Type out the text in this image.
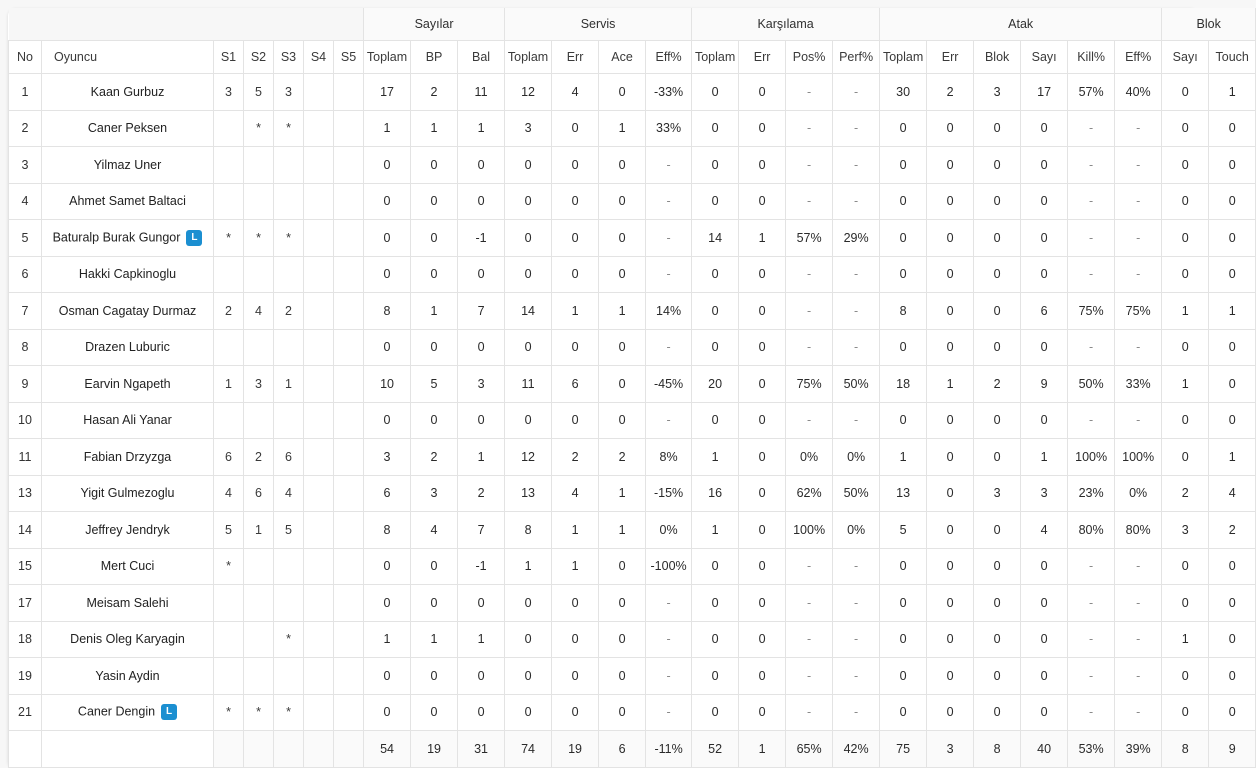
							Sayılar			Servis				Karşılama				Atak						Blok	
No	Oyuncu	S1	S2	S3	S4	S5	Toplam	BP	Bal	Toplam	Err	Ace	Eff%	Toplam	Err	Pos%	Perf%	Toplam	Err	Blok	Sayı	Kill%	Eff%	Sayı	Touch
1	Kaan Gurbuz	3	5	3			17	2	11	12	4	0	-33%	0	0	-	-	30	2	3	17	57%	40%	0	1
2	Caner Peksen		*	*			1	1	1	3	0	1	33%	0	0	-	-	0	0	0	0	-	-	0	0
3	Yilmaz Uner						0	0	0	0	0	0	-	0	0	-	-	0	0	0	0	-	-	0	0
4	Ahmet Samet Baltaci						0	0	0	0	0	0	-	0	0	-	-	0	0	0	0	-	-	0	0
5	Baturalp Burak Gungor L	*	*	*			0	0	-1	0	0	0	-	14	1	57%	29%	0	0	0	0	-	-	0	0
6	Hakki Capkinoglu						0	0	0	0	0	0	-	0	0	-	-	0	0	0	0	-	-	0	0
7	Osman Cagatay Durmaz	2	4	2			8	1	7	14	1	1	14%	0	0	-	-	8	0	0	6	75%	75%	1	1
8	Drazen Luburic						0	0	0	0	0	0	-	0	0	-	-	0	0	0	0	-	-	0	0
9	Earvin Ngapeth	1	3	1			10	5	3	11	6	0	-45%	20	0	75%	50%	18	1	2	9	50%	33%	1	0
10	Hasan Ali Yanar						0	0	0	0	0	0	-	0	0	-	-	0	0	0	0	-	-	0	0
11	Fabian Drzyzga	6	2	6			3	2	1	12	2	2	8%	1	0	0%	0%	1	0	0	1	100%	100%	0	1
13	Yigit Gulmezoglu	4	6	4			6	3	2	13	4	1	-15%	16	0	62%	50%	13	0	3	3	23%	0%	2	4
14	Jeffrey Jendryk	5	1	5			8	4	7	8	1	1	0%	1	0	100%	0%	5	0	0	4	80%	80%	3	2
15	Mert Cuci	*					0	0	-1	1	1	0	-100%	0	0	-	-	0	0	0	0	-	-	0	0
17	Meisam Salehi						0	0	0	0	0	0	-	0	0	-	-	0	0	0	0	-	-	0	0
18	Denis Oleg Karyagin			*			1	1	1	0	0	0	-	0	0	-	-	0	0	0	0	-	-	1	0
19	Yasin Aydin						0	0	0	0	0	0	-	0	0	-	-	0	0	0	0	-	-	0	0
21	Caner Dengin L	*	*	*			0	0	0	0	0	0	-	0	0	-	-	0	0	0	0	-	-	0	0
							54	19	31	74	19	6	-11%	52	1	65%	42%	75	3	8	40	53%	39%	8	9
